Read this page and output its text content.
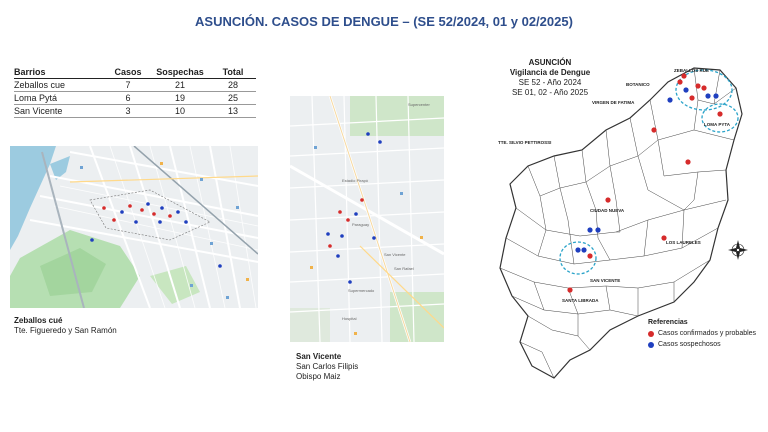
ASUNCIÓN. CASOS DE DENGUE – (SE 52/2024, 01 y 02/2025)
Barrios	Casos	Sospechas	Total
Zeballos cue	7	21	28
Loma Pytá	6	19	25
San Vicente	3	10	13
Zeballos cué
Tte. Figueredo y San Ramón
Supercenter
Estadio Pirapó
Paraguay
San Vicente
San Rafael
Supermercado
Hospital
San Vicente
San Carlos Filipis
Obispo Maiz
ASUNCIÓN
Vigilancia de Dengue
SE 52 - Año 2024
SE 01, 02 - Año 2025
ZEBALLOS KUE
BOTANICO
VIRGEN DE FATIMA
LOMA PYTA
TTE. SILVIO PETTIROSSI
CIUDAD NUEVA
LOS LAURELES
SAN VICENTE
SANTA LIBRADA
Referencias
Casos confirmados y probables
Casos sospechosos
